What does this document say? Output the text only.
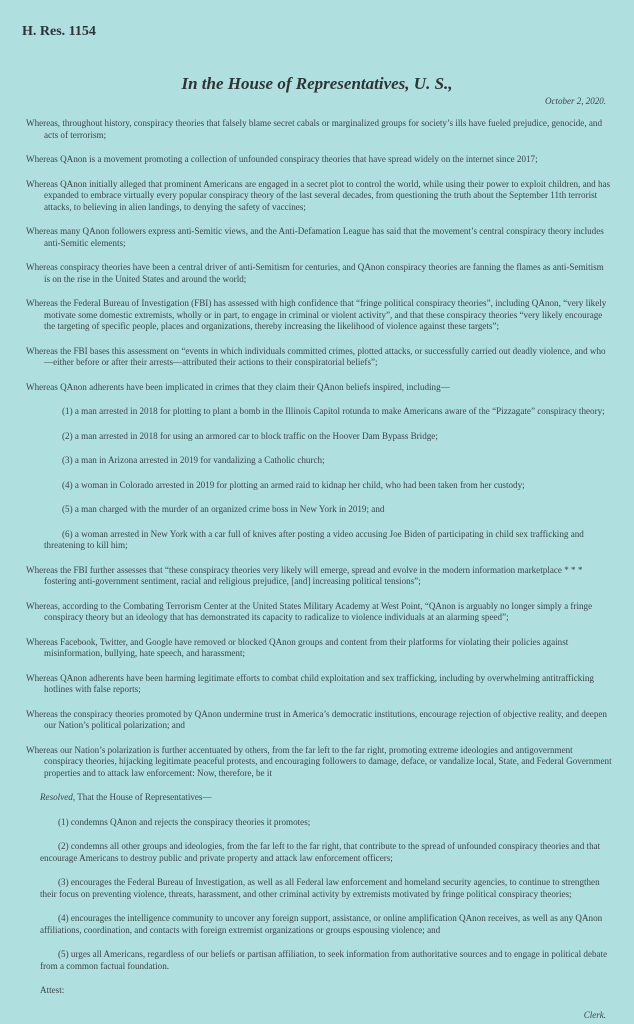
H. Res. 1154
In the House of Representatives, U. S.,
October 2, 2020.

Whereas, throughout history, conspiracy theories that falsely blame secret cabals or marginalized groups for society’s ills have fueled prejudice, genocide, and acts of terrorism;

Whereas QAnon is a movement promoting a collection of unfounded conspiracy theories that have spread widely on the internet since 2017;

Whereas QAnon initially alleged that prominent Americans are engaged in a secret plot to control the world, while using their power to exploit children, and has expanded to embrace virtually every popular conspiracy theory of the last several decades, from questioning the truth about the September 11th terrorist attacks, to believing in alien landings, to denying the safety of vaccines;

Whereas many QAnon followers express anti-Semitic views, and the Anti-Defamation League has said that the movement’s central conspiracy theory includes anti-Semitic elements;

Whereas conspiracy theories have been a central driver of anti-Semitism for centuries, and QAnon conspiracy theories are fanning the flames as anti-Semitism is on the rise in the United States and around the world;

Whereas the Federal Bureau of Investigation (FBI) has assessed with high confidence that “fringe political conspiracy theories”, including QAnon, “very likely motivate some domestic extremists, wholly or in part, to engage in criminal or violent activity”, and that these conspiracy theories “very likely encourage the targeting of specific people, places and organizations, thereby increasing the likelihood of violence against these targets”;

Whereas the FBI bases this assessment on “events in which individuals committed crimes, plotted attacks, or successfully carried out deadly violence, and who—either before or after their arrests—attributed their actions to their conspiratorial beliefs”;

Whereas QAnon adherents have been implicated in crimes that they claim their QAnon beliefs inspired, including—

(1) a man arrested in 2018 for plotting to plant a bomb in the Illinois Capitol rotunda to make Americans aware of the “Pizzagate” conspiracy theory;

(2) a man arrested in 2018 for using an armored car to block traffic on the Hoover Dam Bypass Bridge;

(3) a man in Arizona arrested in 2019 for vandalizing a Catholic church;

(4) a woman in Colorado arrested in 2019 for plotting an armed raid to kidnap her child, who had been taken from her custody;

(5) a man charged with the murder of an organized crime boss in New York in 2019; and

(6) a woman arrested in New York with a car full of knives after posting a video accusing Joe Biden of participating in child sex trafficking and threatening to kill him;

Whereas the FBI further assesses that “these conspiracy theories very likely will emerge, spread and evolve in the modern information marketplace * * * fostering anti-government sentiment, racial and religious prejudice, [and] increasing political tensions”;

Whereas, according to the Combating Terrorism Center at the United States Military Academy at West Point, “QAnon is arguably no longer simply a fringe conspiracy theory but an ideology that has demonstrated its capacity to radicalize to violence individuals at an alarming speed”;

Whereas Facebook, Twitter, and Google have removed or blocked QAnon groups and content from their platforms for violating their policies against misinformation, bullying, hate speech, and harassment;

Whereas QAnon adherents have been harming legitimate efforts to combat child exploitation and sex trafficking, including by overwhelming antitrafficking hotlines with false reports;

Whereas the conspiracy theories promoted by QAnon undermine trust in America’s democratic institutions, encourage rejection of objective reality, and deepen our Nation’s political polarization; and

Whereas our Nation’s polarization is further accentuated by others, from the far left to the far right, promoting extreme ideologies and antigovernment conspiracy theories, hijacking legitimate peaceful protests, and encouraging followers to damage, deface, or vandalize local, State, and Federal Government properties and to attack law enforcement: Now, therefore, be it

Resolved, That the House of Representatives—

(1) condemns QAnon and rejects the conspiracy theories it promotes;

(2) condemns all other groups and ideologies, from the far left to the far right, that contribute to the spread of unfounded conspiracy theories and that encourage Americans to destroy public and private property and attack law enforcement officers;

(3) encourages the Federal Bureau of Investigation, as well as all Federal law enforcement and homeland security agencies, to continue to strengthen their focus on preventing violence, threats, harassment, and other criminal activity by extremists motivated by fringe political conspiracy theories;

(4) encourages the intelligence community to uncover any foreign support, assistance, or online amplification QAnon receives, as well as any QAnon affiliations, coordination, and contacts with foreign extremist organizations or groups espousing violence; and

(5) urges all Americans, regardless of our beliefs or partisan affiliation, to seek information from authoritative sources and to engage in political debate from a common factual foundation.

Attest:

Clerk.
